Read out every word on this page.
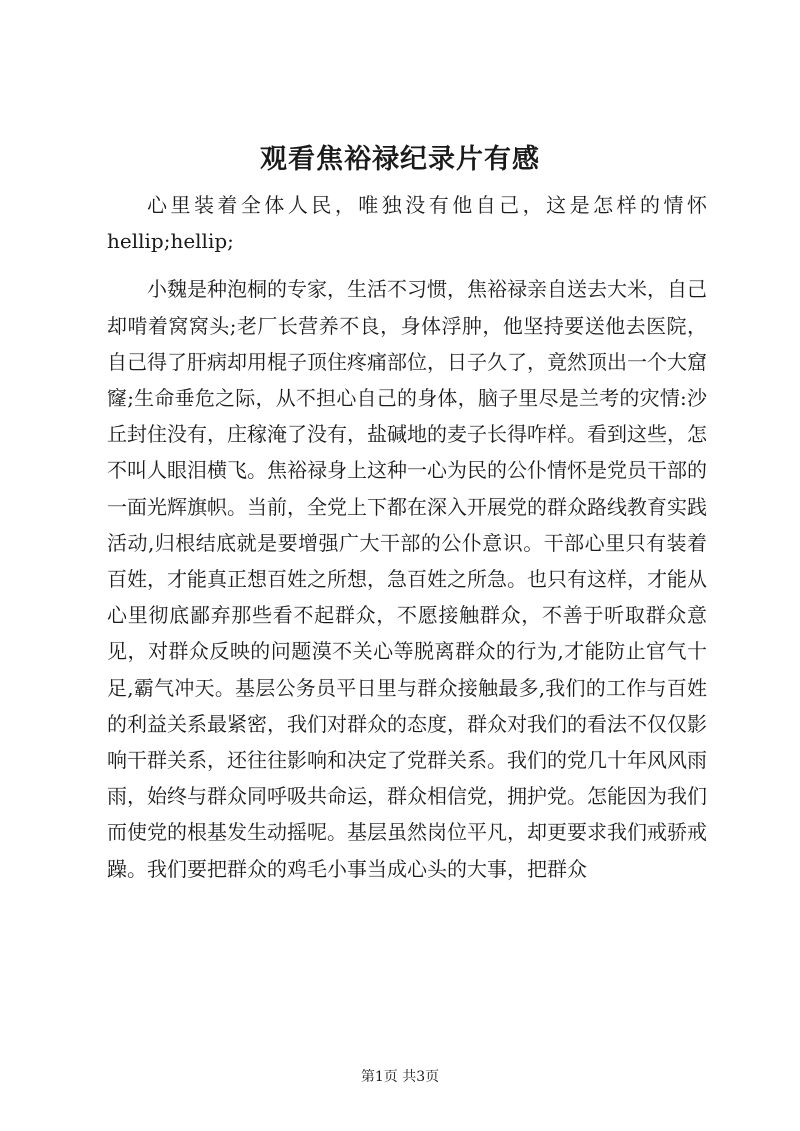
观看焦裕禄纪录片有感

心里装着全体人民，唯独没有他自己，这是怎样的情怀hellip;hellip;

小魏是种泡桐的专家，生活不习惯，焦裕禄亲自送去大米，自己却啃着窝窝头;老厂长营养不良，身体浮肿，他坚持要送他去医院，自己得了肝病却用棍子顶住疼痛部位，日子久了，竟然顶出一个大窟窿;生命垂危之际，从不担心自己的身体，脑子里尽是兰考的灾情:沙丘封住没有，庄稼淹了没有，盐碱地的麦子长得咋样。看到这些，怎不叫人眼泪横飞。焦裕禄身上这种一心为民的公仆情怀是党员干部的一面光辉旗帜。当前，全党上下都在深入开展党的群众路线教育实践活动,归根结底就是要增强广大干部的公仆意识。干部心里只有装着百姓，才能真正想百姓之所想，急百姓之所急。也只有这样，才能从心里彻底鄙弃那些看不起群众，不愿接触群众，不善于听取群众意见，对群众反映的问题漠不关心等脱离群众的行为,才能防止官气十足,霸气冲天。基层公务员平日里与群众接触最多,我们的工作与百姓的利益关系最紧密，我们对群众的态度，群众对我们的看法不仅仅影响干群关系，还往往影响和决定了党群关系。我们的党几十年风风雨雨，始终与群众同呼吸共命运，群众相信党，拥护党。怎能因为我们而使党的根基发生动摇呢。基层虽然岗位平凡，却更要求我们戒骄戒躁。我们要把群众的鸡毛小事当成心头的大事，把群众

第1页 共3页
